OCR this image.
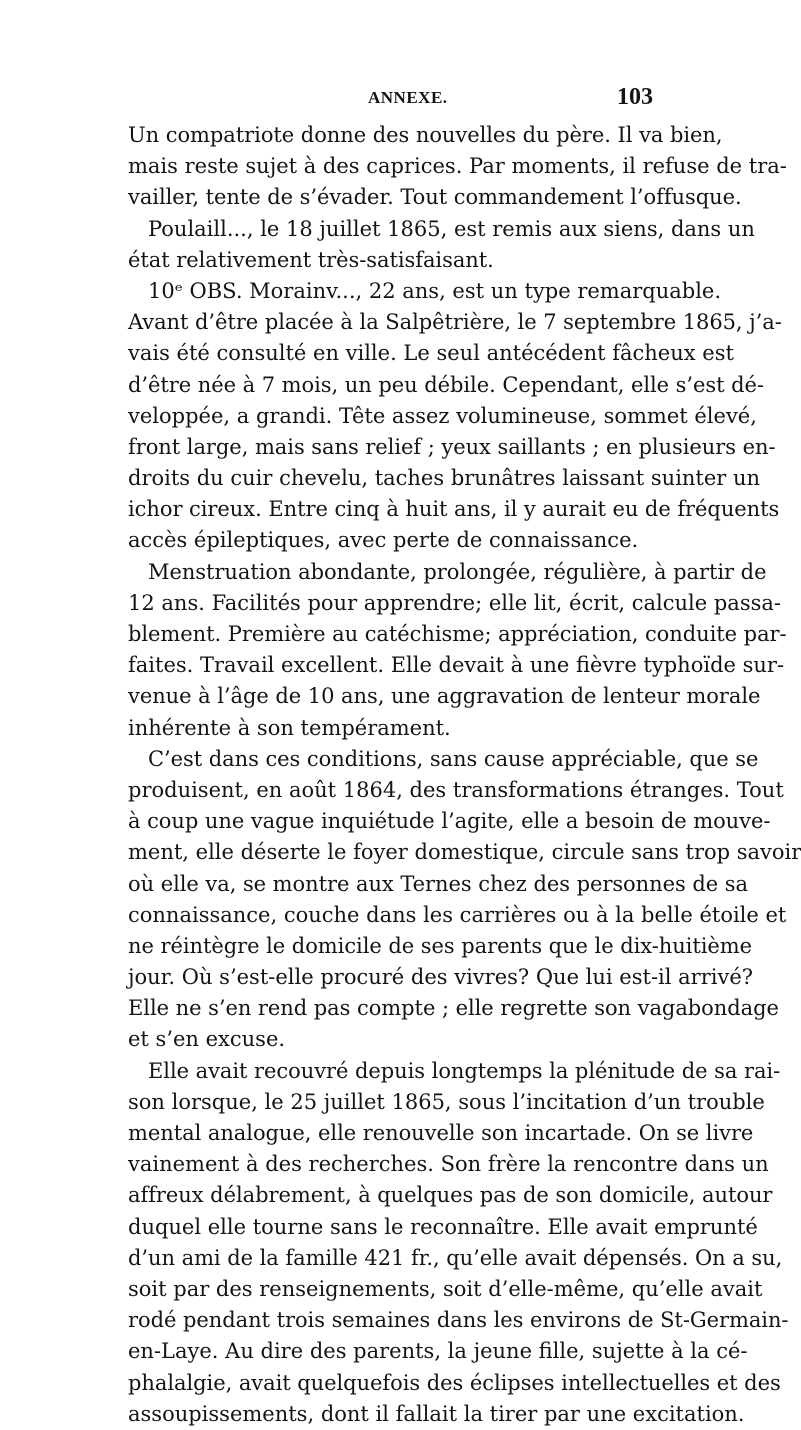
ANNEXE.	103
Un compatriote donne des nouvelles du père. Il va bien,
mais reste sujet à des caprices. Par moments, il refuse de tra-
vailler, tente de s’évader. Tout commandement l’offusque.
Poulaill..., le 18 juillet 1865, est remis aux siens, dans un
état relativement très-satisfaisant.
10ᵉ OBS. Morainv..., 22 ans, est un type remarquable.
Avant d’être placée à la Salpêtrière, le 7 septembre 1865, j’a-
vais été consulté en ville. Le seul antécédent fâcheux est
d’être née à 7 mois, un peu débile. Cependant, elle s’est dé-
veloppée, a grandi. Tête assez volumineuse, sommet élevé,
front large, mais sans relief ; yeux saillants ; en plusieurs en-
droits du cuir chevelu, taches brunâtres laissant suinter un
ichor cireux. Entre cinq à huit ans, il y aurait eu de fréquents
accès épileptiques, avec perte de connaissance.
Menstruation abondante, prolongée, régulière, à partir de
12 ans. Facilités pour apprendre; elle lit, écrit, calcule passa-
blement. Première au catéchisme; appréciation, conduite par-
faites. Travail excellent. Elle devait à une fièvre typhoïde sur-
venue à l’âge de 10 ans, une aggravation de lenteur morale
inhérente à son tempérament.
C’est dans ces conditions, sans cause appréciable, que se
produisent, en août 1864, des transformations étranges. Tout
à coup une vague inquiétude l’agite, elle a besoin de mouve-
ment, elle déserte le foyer domestique, circule sans trop savoir
où elle va, se montre aux Ternes chez des personnes de sa
connaissance, couche dans les carrières ou à la belle étoile et
ne réintègre le domicile de ses parents que le dix-huitième
jour. Où s’est-elle procuré des vivres? Que lui est-il arrivé?
Elle ne s’en rend pas compte ; elle regrette son vagabondage
et s’en excuse.
Elle avait recouvré depuis longtemps la plénitude de sa rai-
son lorsque, le 25 juillet 1865, sous l’incitation d’un trouble
mental analogue, elle renouvelle son incartade. On se livre
vainement à des recherches. Son frère la rencontre dans un
affreux délabrement, à quelques pas de son domicile, autour
duquel elle tourne sans le reconnaître. Elle avait emprunté
d’un ami de la famille 421 fr., qu’elle avait dépensés. On a su,
soit par des renseignements, soit d’elle-même, qu’elle avait
rodé pendant trois semaines dans les environs de St-Germain-
en-Laye. Au dire des parents, la jeune fille, sujette à la cé-
phalalgie, avait quelquefois des éclipses intellectuelles et des
assoupissements, dont il fallait la tirer par une excitation.
